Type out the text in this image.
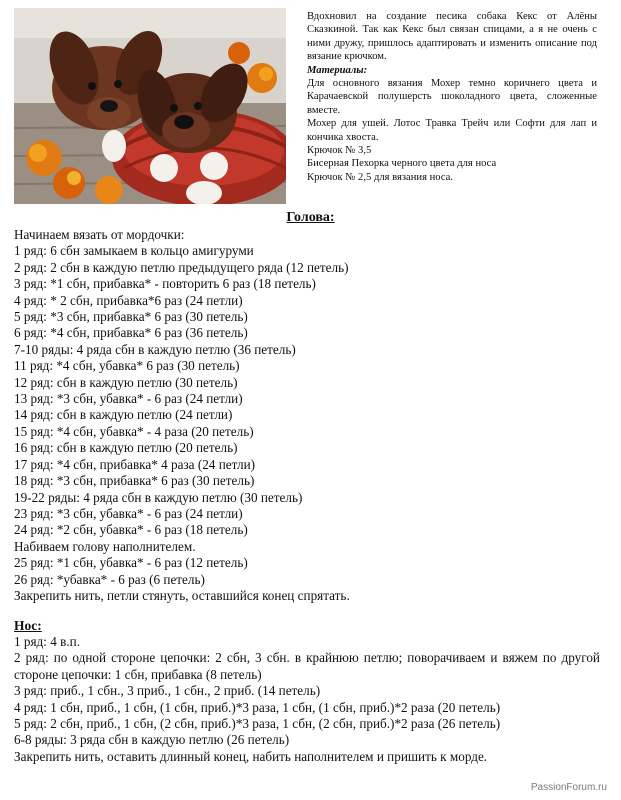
Вдохновил на создание песика собака Кекс от Алёны Сказкиной. Так как Кекс был связан спицами, а я не очень с ними дружу, пришлось адаптировать и изменить описание под вязание крючком.

Материалы:

Для основного вязания Мохер темно коричнего цвета и Карачаевской полушерсть шоколадного цвета, сложенные вместе.

Мохер для ушей. Лотос Травка Трейч или Софти для лап и кончика хвоста.

Крючок № 3,5

Бисерная Пехорка черного цвета для носа

Крючок № 2,5 для вязания носа.

Голова:
Начинаем вязать от мордочки:
1 ряд: 6 сбн замыкаем в кольцо амигуруми
2 ряд: 2 сбн в каждую петлю предыдущего ряда (12 петель)
3 ряд: *1 сбн, прибавка* - повторить 6 раз (18 петель)
4 ряд: * 2 сбн, прибавка*6 раз (24 петли)
5 ряд: *3 сбн, прибавка* 6 раз (30 петель)
6 ряд: *4 сбн, прибавка* 6 раз (36 петель)
7-10 ряды: 4 ряда сбн в каждую петлю (36 петель)
11 ряд: *4 сбн, убавка* 6 раз (30 петель)
12 ряд: сбн в каждую петлю (30 петель)
13 ряд: *3 сбн, убавка* - 6 раз (24 петли)
14 ряд: сбн в каждую петлю (24 петли)
15 ряд: *4 сбн, убавка* - 4 раза (20 петель)
16 ряд: сбн в каждую петлю (20 петель)
17 ряд: *4 сбн, прибавка* 4 раза (24 петли)
18 ряд: *3 сбн, прибавка* 6 раз (30 петель)
19-22 ряды: 4 ряда сбн в каждую петлю (30 петель)
23 ряд: *3 сбн, убавка* - 6 раз (24 петли)
24 ряд: *2 сбн, убавка* - 6 раз (18 петель)
Набиваем голову наполнителем.
25 ряд: *1 сбн, убавка* - 6 раз (12 петель)
26 ряд: *убавка* - 6 раз (6 петель)
Закрепить нить, петли стянуть, оставшийся конец спрятать.
Нос:
1 ряд: 4 в.п.
2 ряд: по одной стороне цепочки: 2 сбн, 3 сбн. в крайнюю петлю; поворачиваем и вяжем по другой стороне цепочки: 1 сбн, прибавка (8 петель)
3 ряд: приб., 1 сбн., 3 приб., 1 сбн., 2 приб. (14 петель)
4 ряд: 1 сбн, приб., 1 сбн, (1 сбн, приб.)*3 раза, 1 сбн, (1 сбн, приб.)*2 раза (20 петель)
5 ряд: 2 сбн, приб., 1 сбн, (2 сбн, приб.)*3 раза, 1 сбн, (2 сбн, приб.)*2 раза (26 петель)
6-8 ряды: 3 ряда сбн в каждую петлю (26 петель)
Закрепить нить, оставить длинный конец, набить наполнителем и пришить к морде.
PassionForum.ru
